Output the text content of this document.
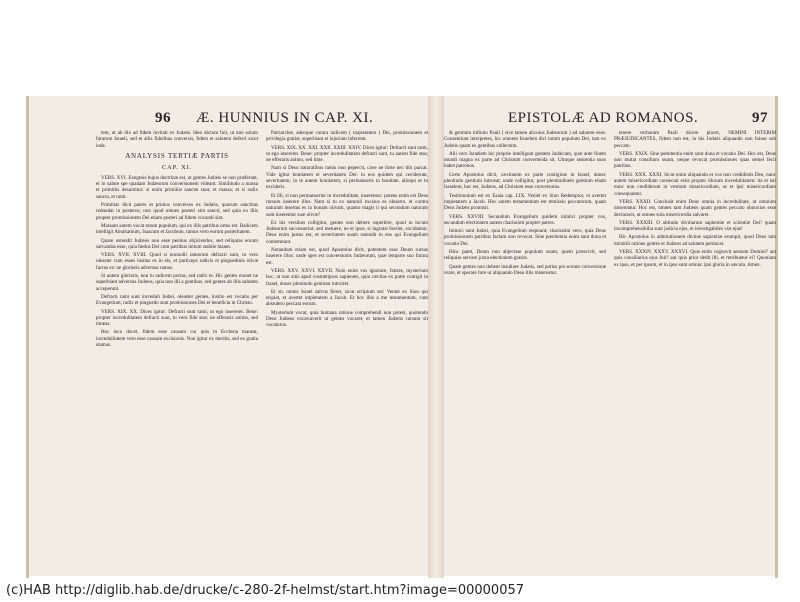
96 Æ. HUNNIUS IN CAP. XI.	EPISTOLÆ AD ROMANOS.	97

tem, ut ab illo ad fidem invitati ex Judæis. Ideo dictum fuit, ut non solum futurum Israeli, sed et aliis fidelibus conversis, fidem et salutem deferri sicut inde.

ANALYSIS TERTIÆ PARTIS
CAP. XI.

VERS. XVI. Exegesis hujus doctrinæ est, ut gentes Judæis se non præferant, et in salute spe quadam Judæorum conversionem videant. Similitudo a massa et primitiis desumitur: si enim primitiæ sanctæ sunt, et massa; et si radix sancta, et rami.

Primitias dicit patres et primos conversos ex Judæis, quorum sanctitas redundat in posteros; non quod omnes posteri sint sancti, sed quia ex illis propter promissionem Dei etiam posteri ad fidem vocandi sint.

Massam autem vocat totum populum, qui ex illis patribus ortus est. Radicem intelligit Abrahamum, Isaacum et Jacobum, ramos vero eorum posteritatem.

Quare ostendit Judæos non esse penitus abjiciendos, sed reliquias eorum salvandas esse, quia fœdus Dei cum patribus initum stabile manet.

VERS. XVII. XVIII. Quod si nonnulli ramorum defracti sunt, tu vero oleaster cum esses insitus es in eis, et particeps radicis et pinguedinis olivæ factus es: ne glorieris adversus ramos.

Si autem gloriaris, non tu radicem portas, sed radix te. Hic gentes monet ne superbiant adversus Judæos, quia non illi a gentibus, sed gentes ab illis salutem acceperunt.

Defracti rami sunt increduli Judæi, oleaster gentes, insitio est vocatio per Evangelium, radix et pinguedo sunt promissiones Dei et beneficia in Christo.

VERS. XIX. XX. Dices igitur: Defracti sunt rami, ut ego insererer. Bene: propter incredulitatem defracti sunt, tu vero fide stas: ne efferaris animo, sed timeas.

Hoc loco docet, fidem esse causam cur quis in Ecclesia maneat, incredulitatem vero esse causam excisionis. Non igitur ex meritis, sed ex gratia stamus.

Patriarchæ, adeoque contra radicem ( majestatem ) Dei, promissionem et privilegia gratiæ, superbiant et injuriam inferrent.

VERS. XIX. XX. XXI. XXII. XXIII. XXIV. Dices igitur: Defracti sunt rami, ut ego insererer. Bene: propter incredulitatem defracti sunt, tu autem fide stas; ne efferaris animo, sed time.

Nam si Deus naturalibus ramis non pepercit, cave ne forte nec tibi parcat. Vide igitur bonitatem et severitatem Dei: in eos quidem qui ceciderunt, severitatem; in te autem bonitatem, si permanseris in bonitate, alioqui et tu excideris.

Et illi, si non permanserint in incredulitate, inserentur: potens enim est Deus rursum inserere illos. Nam si tu ex naturali excisus es oleastro, et contra naturam insertus es in bonam olivam, quanto magis ii qui secundum naturam sunt inserentur suæ olivæ?

Ex his versibus colligitur, gentes non debere superbire, quod in locum Judæorum successerint; sed metuere, ne et ipsæ, si ingratæ fuerint, excidantur. Deus enim justus est, et severitatem suam ostendit in eos qui Evangelium contemnunt.

Notandum etiam est, quod Apostolus dicit, potentem esse Deum rursus inserere illos: unde spes est conversionis Judæorum, quæ tempore suo futura est.

VERS. XXV. XXVI. XXVII. Nolo enim vos ignorare, fratres, mysterium hoc, ut non sitis apud vosmetipsos sapientes, quia cæcitas ex parte contigit in Israel, donec plenitudo gentium introiret.

Et sic omnis Israel salvus fieret, sicut scriptum est: Veniet ex Sion qui eripiat, et avertet impietatem a Jacob. Et hoc illis a me testamentum, cum abstulero peccata eorum.

Mysterium vocat, quia humana ratione comprehendi non potest, quomodo Deus Judæos excæcaverit ut gentes vocaret, et tamen Judæos rursum sit vocaturus.

& gentium infinito Pauli ( sive tamen alicuius Judæorum ) ad salutem esse. Consentiunt interpretes, hic omnem Israelem dici totum populum Dei, tam ex Judæis quam ex gentibus collectum.

Alii vero Israelem hic proprie intelligunt gentem Judaicam, quæ ante finem mundi magna ex parte ad Christum convertenda sit. Utraque sententia suos habet patronos.

Certe Apostolus dicit, cæcitatem ex parte contigisse in Israel, donec plenitudo gentium introeat; unde colligitur, post plenitudinem gentium etiam Israelem, hoc est, Judæos, ad Christum esse conversuros.

Testimonium est ex Esaia cap. LIX. Veniet ex Sion Redemptor, et avertet impietatem a Jacob. Hoc autem testamentum est remissio peccatorum, quam Deus Judæis promisit.

VERS. XXVIII. Secundum Evangelium quidem inimici propter vos, secundum electionem autem charissimi propter patres.

Inimici sunt Judæi, quia Evangelium respuunt; charissimi vero, quia Deus promissionem patribus factam non revocat. Sine pœnitentia enim sunt dona et vocatio Dei.

Hinc patet, Deum non abjecisse populum suum, quem præscivit, sed reliquias servare juxta electionem gratiæ.

Quare gentes non debent insultare Judæis, sed potius pro eorum conversione orare, et sperare fore ut aliquando Deus illis misereatur.

tenere verbarum Pauli dicere placet, NEMINI INTERIM PRÆJUDICANTES, fidem non est, in his Judæis aliquando non fuisse sub peccato.

VERS. XXIX. Sine pœnitentia enim sunt dona et vocatio Dei. Hoc est, Deus non mutat consilium suum, neque revocat promissiones quas semel fecit patribus.

VERS. XXX. XXXI. Sicut enim aliquando et vos non credidistis Deo, nunc autem misericordiam consecuti estis propter illorum incredulitatem: ita et isti nunc non crediderunt in vestram misericordiam, ut et ipsi misericordiam consequantur.

VERS. XXXII. Conclusit enim Deus omnia in incredulitate, ut omnium misereatur. Hoc est, omnes tam Judæos quam gentes peccato obnoxios esse declaravit, ut omnes sola misericordia salvaret.

VERS. XXXIII. O altitudo divitiarum sapientiæ et scientiæ Dei! quam incomprehensibilia sunt judicia ejus, et investigabiles viæ ejus!

Hic Apostolus in admirationem divinæ sapientiæ erumpit, quod Deus tam mirabili ratione gentes et Judæos ad salutem perducat.

VERS. XXXIV. XXXV. XXXVI. Quis enim cognovit sensum Domini? aut quis consiliarius ejus fuit? aut quis prior dedit illi, et retribuetur ei? Quoniam ex ipso, et per ipsum, et in ipso sunt omnia: ipsi gloria in sæcula. Amen.

(c)HAB http://diglib.hab.de/drucke/c-280-2f-helmst/start.htm?image=00000057
